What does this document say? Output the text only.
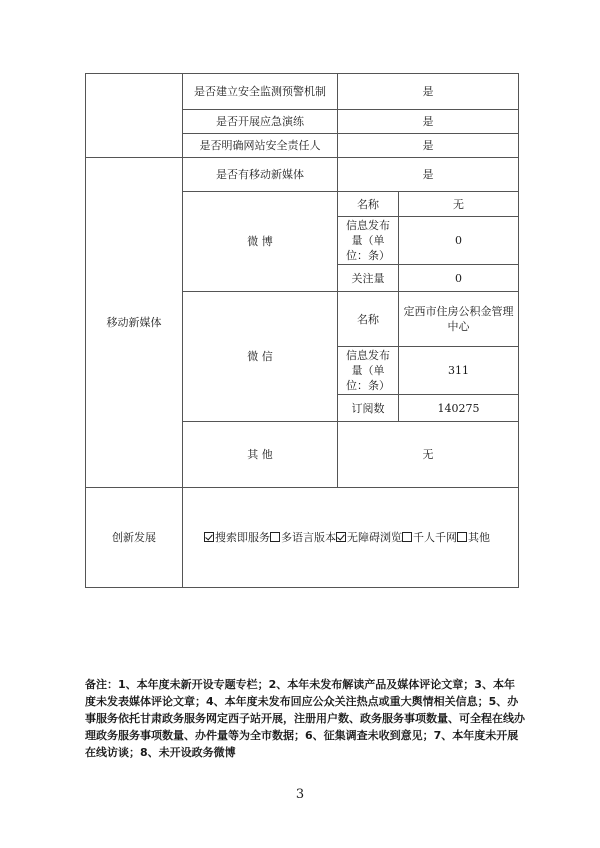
	是否建立安全监测预警机制	是	
	是否开展应急演练	是	
	是否明确网站安全责任人	是	
移动新媒体	是否有移动新媒体	是	
	微 博	名称	无
		信息发布量（单位：条）	0
		关注量	0
	微 信	名称	定西市住房公积金管理中心
		信息发布量（单位：条）	311
		订阅数	140275
	其 他	无	

创新发展	搜索即服务 多语言版本 无障碍浏览 千人千网 其他		
备注：1、本年度未新开设专题专栏；2、本年未发布解读产品及媒体评论文章；3、本年度未发表媒体评论文章；4、本年度未发布回应公众关注热点或重大舆情相关信息；5、办事服务依托甘肃政务服务网定西子站开展，注册用户数、政务服务事项数量、可全程在线办理政务服务事项数量、办件量等为全市数据；6、征集调查未收到意见；7、本年度未开展在线访谈；8、未开设政务微博
3
